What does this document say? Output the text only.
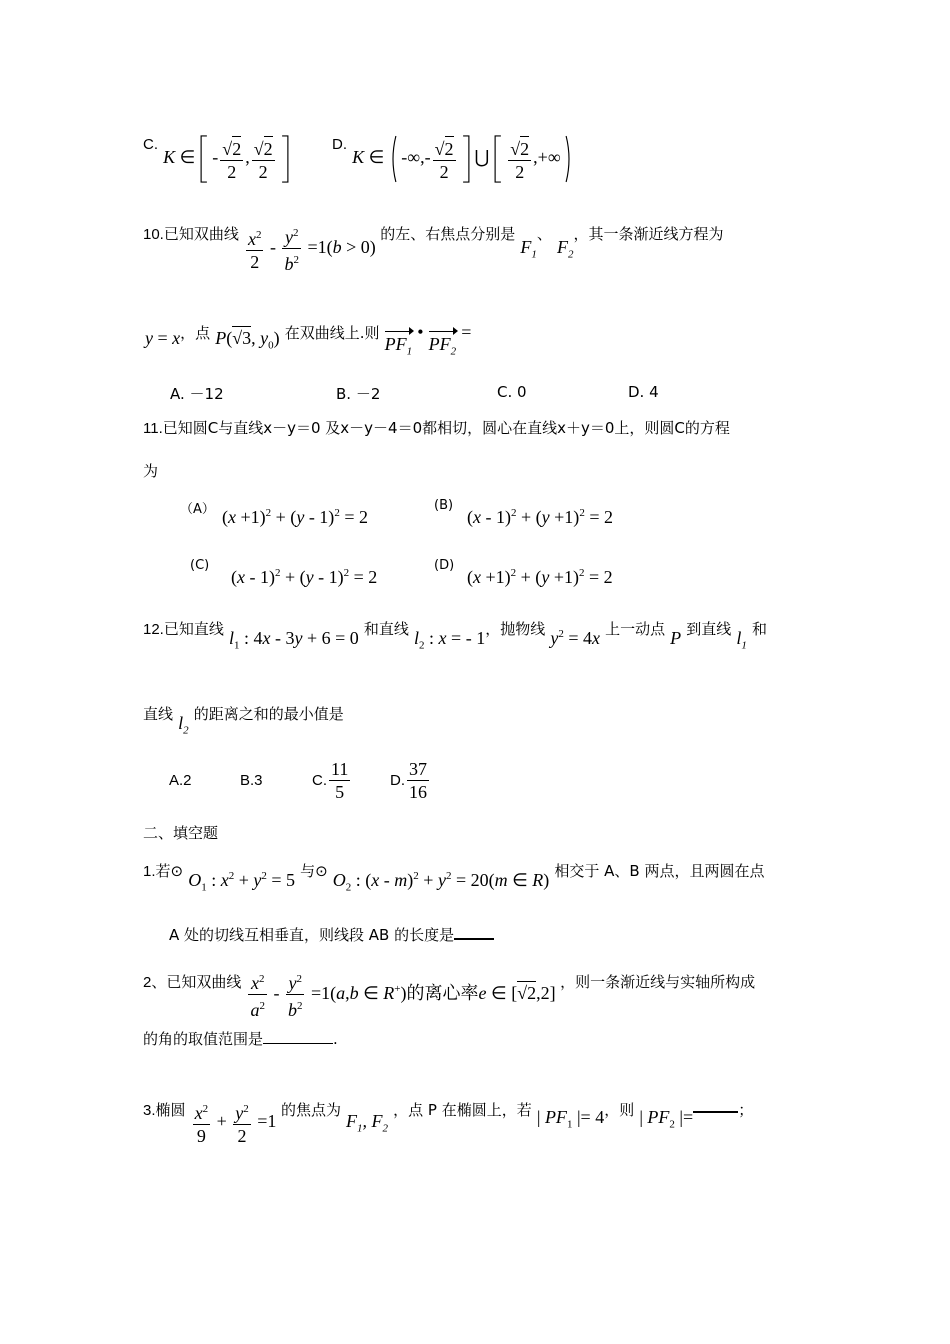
C. K ∈  - $\frac{√2}{2}$ , $\frac{√2}{2}$
	D. K ∈  -∞,- $\frac{√2}{2}$ ⋃ $\frac{√2}{2}$ ,+∞
10.已知双曲线 $\frac{x^2}{2} - \frac{y^2}{b^2} =1(b > 0)$ 的左、右焦点分别是 $F_1$、 $F_2$，其一条渐近线方程为
y = x，点 P(√3, $y_0$) 在双曲线上.则 $PF_1$ • $PF_2$ =
A. －12	B. －2	C. 0	D. 4
11.已知圆C与直线x－y＝0 及x－y－4＝0都相切，圆心在直线x＋y＝0上，则圆C的方程
为
（A） $(x +1)^2 + (y - 1)^2 = 2$
(B)
$(x - 1)^2 + (y +1)^2 = 2$
(C)
(x - 1)$^2$ + (y - 1)$^2$ = 2
(D)
$(x +1)^2 + (y +1)^2 = 2$
12.已知直线 $l_1$ : 4x - 3y + 6 = 0 和直线 $l_2$ : x = - 1，抛物线 $y^2 = 4x$ 上一动点 P 到直线 $l_1$ 和
直线 $l_2$ 的距离之和的最小值是
A.2	B.3	C. $\frac{11}{5}$	D. $\frac{37}{16}$
二、填空题
1.若⊙ $O_1$ : $x^2 + y^2 = 5$ 与⊙ $O_2$ : $(x - m)^2 + y^2 = 20(m$ ∈ R) 相交于 A、B 两点，且两圆在点
A 处的切线互相垂直，则线段 AB 的长度是
2、已知双曲线 $\frac{x^2}{a^2} - \frac{y^2}{b^2} =1(a,b$ ∈ R+)的离心率e ∈ [√2,2] ，则一条渐近线与实轴所构成
的角的取值范围是	.
3.椭圆 $\frac{x^2}{9} + \frac{y^2}{2} =1$ 的焦点为 $F_1$, $F_2$ ，点 P 在椭圆上，若 | $PF_1$ |= 4，则 | $PF_2$ |=	；
